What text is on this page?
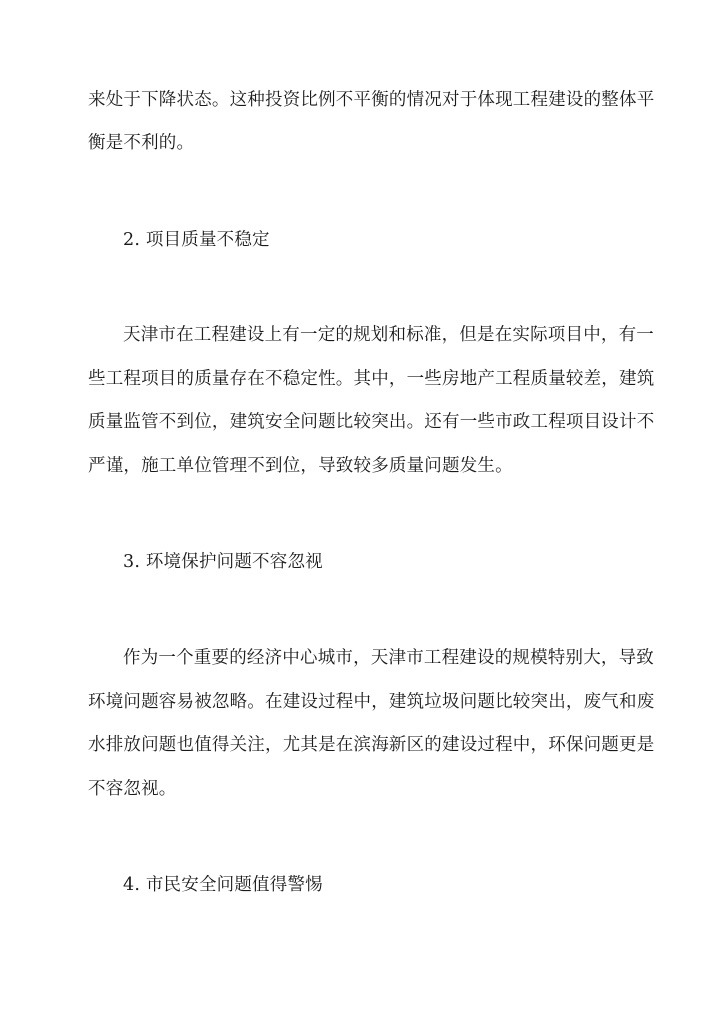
来处于下降状态。这种投资比例不平衡的情况对于体现工程建设的整体平
衡是不利的。
2. 项目质量不稳定
天津市在工程建设上有一定的规划和标准，但是在实际项目中，有一
些工程项目的质量存在不稳定性。其中，一些房地产工程质量较差，建筑
质量监管不到位，建筑安全问题比较突出。还有一些市政工程项目设计不
严谨，施工单位管理不到位，导致较多质量问题发生。
3. 环境保护问题不容忽视
作为一个重要的经济中心城市，天津市工程建设的规模特别大，导致
环境问题容易被忽略。在建设过程中，建筑垃圾问题比较突出，废气和废
水排放问题也值得关注，尤其是在滨海新区的建设过程中，环保问题更是
不容忽视。
4. 市民安全问题值得警惕
